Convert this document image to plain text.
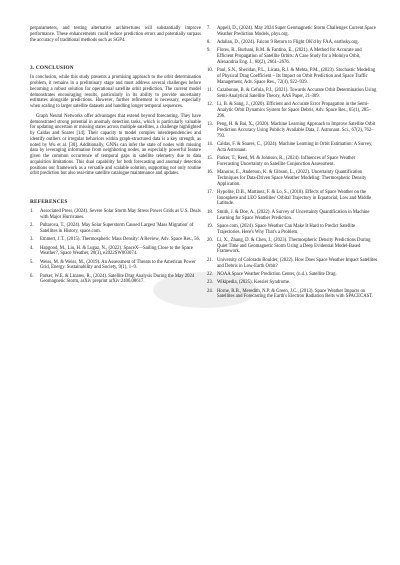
perparameters, and testing alternative architectures will substantially improve performance. These enhancements could reduce prediction errors and potentially surpass the accuracy of traditional methods such as SGP4.

3. CONCLUSION

In conclusion, while this study presents a promising approach to the orbit determination problem, it remains in a preliminary stage and must address several challenges before becoming a robust solution for operational satellite orbit prediction. The current model demonstrates encouraging results, particularly in its ability to provide uncertainty estimates alongside predictions. However, further refinement is necessary, especially when scaling to larger satellite datasets and handling longer temporal sequences.

Graph Neural Networks offer advantages that extend beyond forecasting. They have demonstrated strong potential in anomaly detection tasks, which is particularly valuable for updating uncertain or missing states across multiple satellites, a challenge highlighted by Caldas and Soares [14]. Their capacity to model complex interdependencies and identify outliers or irregular behaviors within graph-structured data is a key strength, as noted by Wu et al. [30]. Additionally, GNNs can infer the state of nodes with missing data by leveraging information from neighboring nodes, an especially powerful feature given the common occurrence of temporal gaps in satellite telemetry due to data acquisition limitations. This dual capability for both forecasting and anomaly detection positions our framework as a versatile and scalable solution, supporting not only routine orbit prediction but also real-time satellite catalogue maintenance and updates.

REFERENCES
1.	Associated Press, (2024). Severe Solar Storm May Stress Power Grids as U.S. Deals with Major Hurricanes.
2.	Pultarova, T., (2024). May Solar Superstorm Caused Largest 'Mass Migration' of Satellites in History, space.com.
3.	Emmert, J.T., (2015). Thermospheric Mass Density: A Review, Adv. Space Res., 56.
4.	Hapgood, M., Liu, H. & Lugaz, N., (2022). SpaceX—Sailing Close to the Space Weather?, Space Weather, 20(3), e2022SW003074.
5.	Weiss, M. & Weiss, M., (2019). An Assessment of Threats to the American Power Grid, Energy. Sustainability and Society, 9(1), 1–9.
6.	Parker, W.E. & Linares, R., (2024). Satellite Drag Analysis During the May 2024 Geomagnetic Storm, arXiv preprint arXiv:2406.08617.
7.	Appell, D., (2024). May 2024 Super Geomagnetic Storm Challenges Current Space Weather Prediction Models, phys.org.
8.	Adalian, D., (2024). Falcon 9 Return to Flight OK'd by FAA, earthsky.org.
9.	Flores, R., Burhani, B.M. & Fantino, E., (2021). A Method for Accurate and Efficient Propagation of Satellite Orbits: A Case Study for a Molniya Orbit, Alexandria Eng. J., 60(2), 2661–2676.
10. Paul, S.N., Sheridan, P.L., Licata, R.J. & Mehta, P.M., (2023). Stochastic Modeling of Physical Drag Coefficient – Its Impact on Orbit Prediction and Space Traffic Management, Adv. Space Res., 72(4), 922–939.
11. Cazabonne, B. & Cefola, P.J., (2021). Towards Accurate Orbit Determination Using Semi-Analytical Satellite Theory, AAS Paper, 21-309.
12. Li, B. & Sang, J., (2020). Efficient and Accurate Error Propagation in the Semi-Analytic Orbit Dynamics System for Space Debris, Adv. Space Res., 65(1), 285–296.
13. Peng, H. & Bai, X., (2020). Machine Learning Approach to Improve Satellite Orbit Prediction Accuracy Using Publicly Available Data, J. Astronaut. Sci., 67(2), 762–793.
14. Caldas, F. & Soares, C., (2024). Machine Learning in Orbit Estimation: A Survey, Acta Astronaut.
15. Parker, T., Reed, M. & Johnson, R., (2024). Influences of Space Weather Forecasting Uncertainty on Satellite Conjunction Assessment.
16. Manoras, E., Anderson, K. & Gibson, L., (2022). Uncertainty Quantification Techniques for Data-Driven Space Weather Modeling: Thermospheric Density Application.
17. Hypolite, D.B., Martinez, F. & Lo, S., (2018). Effects of Space Weather on the Ionosphere and LEO Satellites' Orbital Trajectory in Equatorial, Low and Middle Latitude.
18. Smith, J. & Doe, A., (2022). A Survey of Uncertainty Quantification in Machine Learning for Space Weather Prediction.
19. Space.com, (2024). Space Weather Can Make It Hard to Predict Satellite Trajectories. Here's Why That's a Problem.
20. Li, X., Zhang, D. & Chen, J., (2023). Thermospheric Density Predictions During Quiet Time and Geomagnetic Storm Using a Deep Evidential Model-Based Framework.
21. University of Colorado Boulder, (2022). How Does Space Weather Impact Satellites and Debris in Low-Earth Orbit?
22. NOAA Space Weather Prediction Center, (n.d.). Satellite Drag.
23. Wikipedia, (2025). Kessler Syndrome.
24. Horne, R.B., Meredith, N.P. & Green, J.C., (2013). Space Weather Impacts on Satellites and Forecasting the Earth's Electron Radiation Belts with SPACECAST.
